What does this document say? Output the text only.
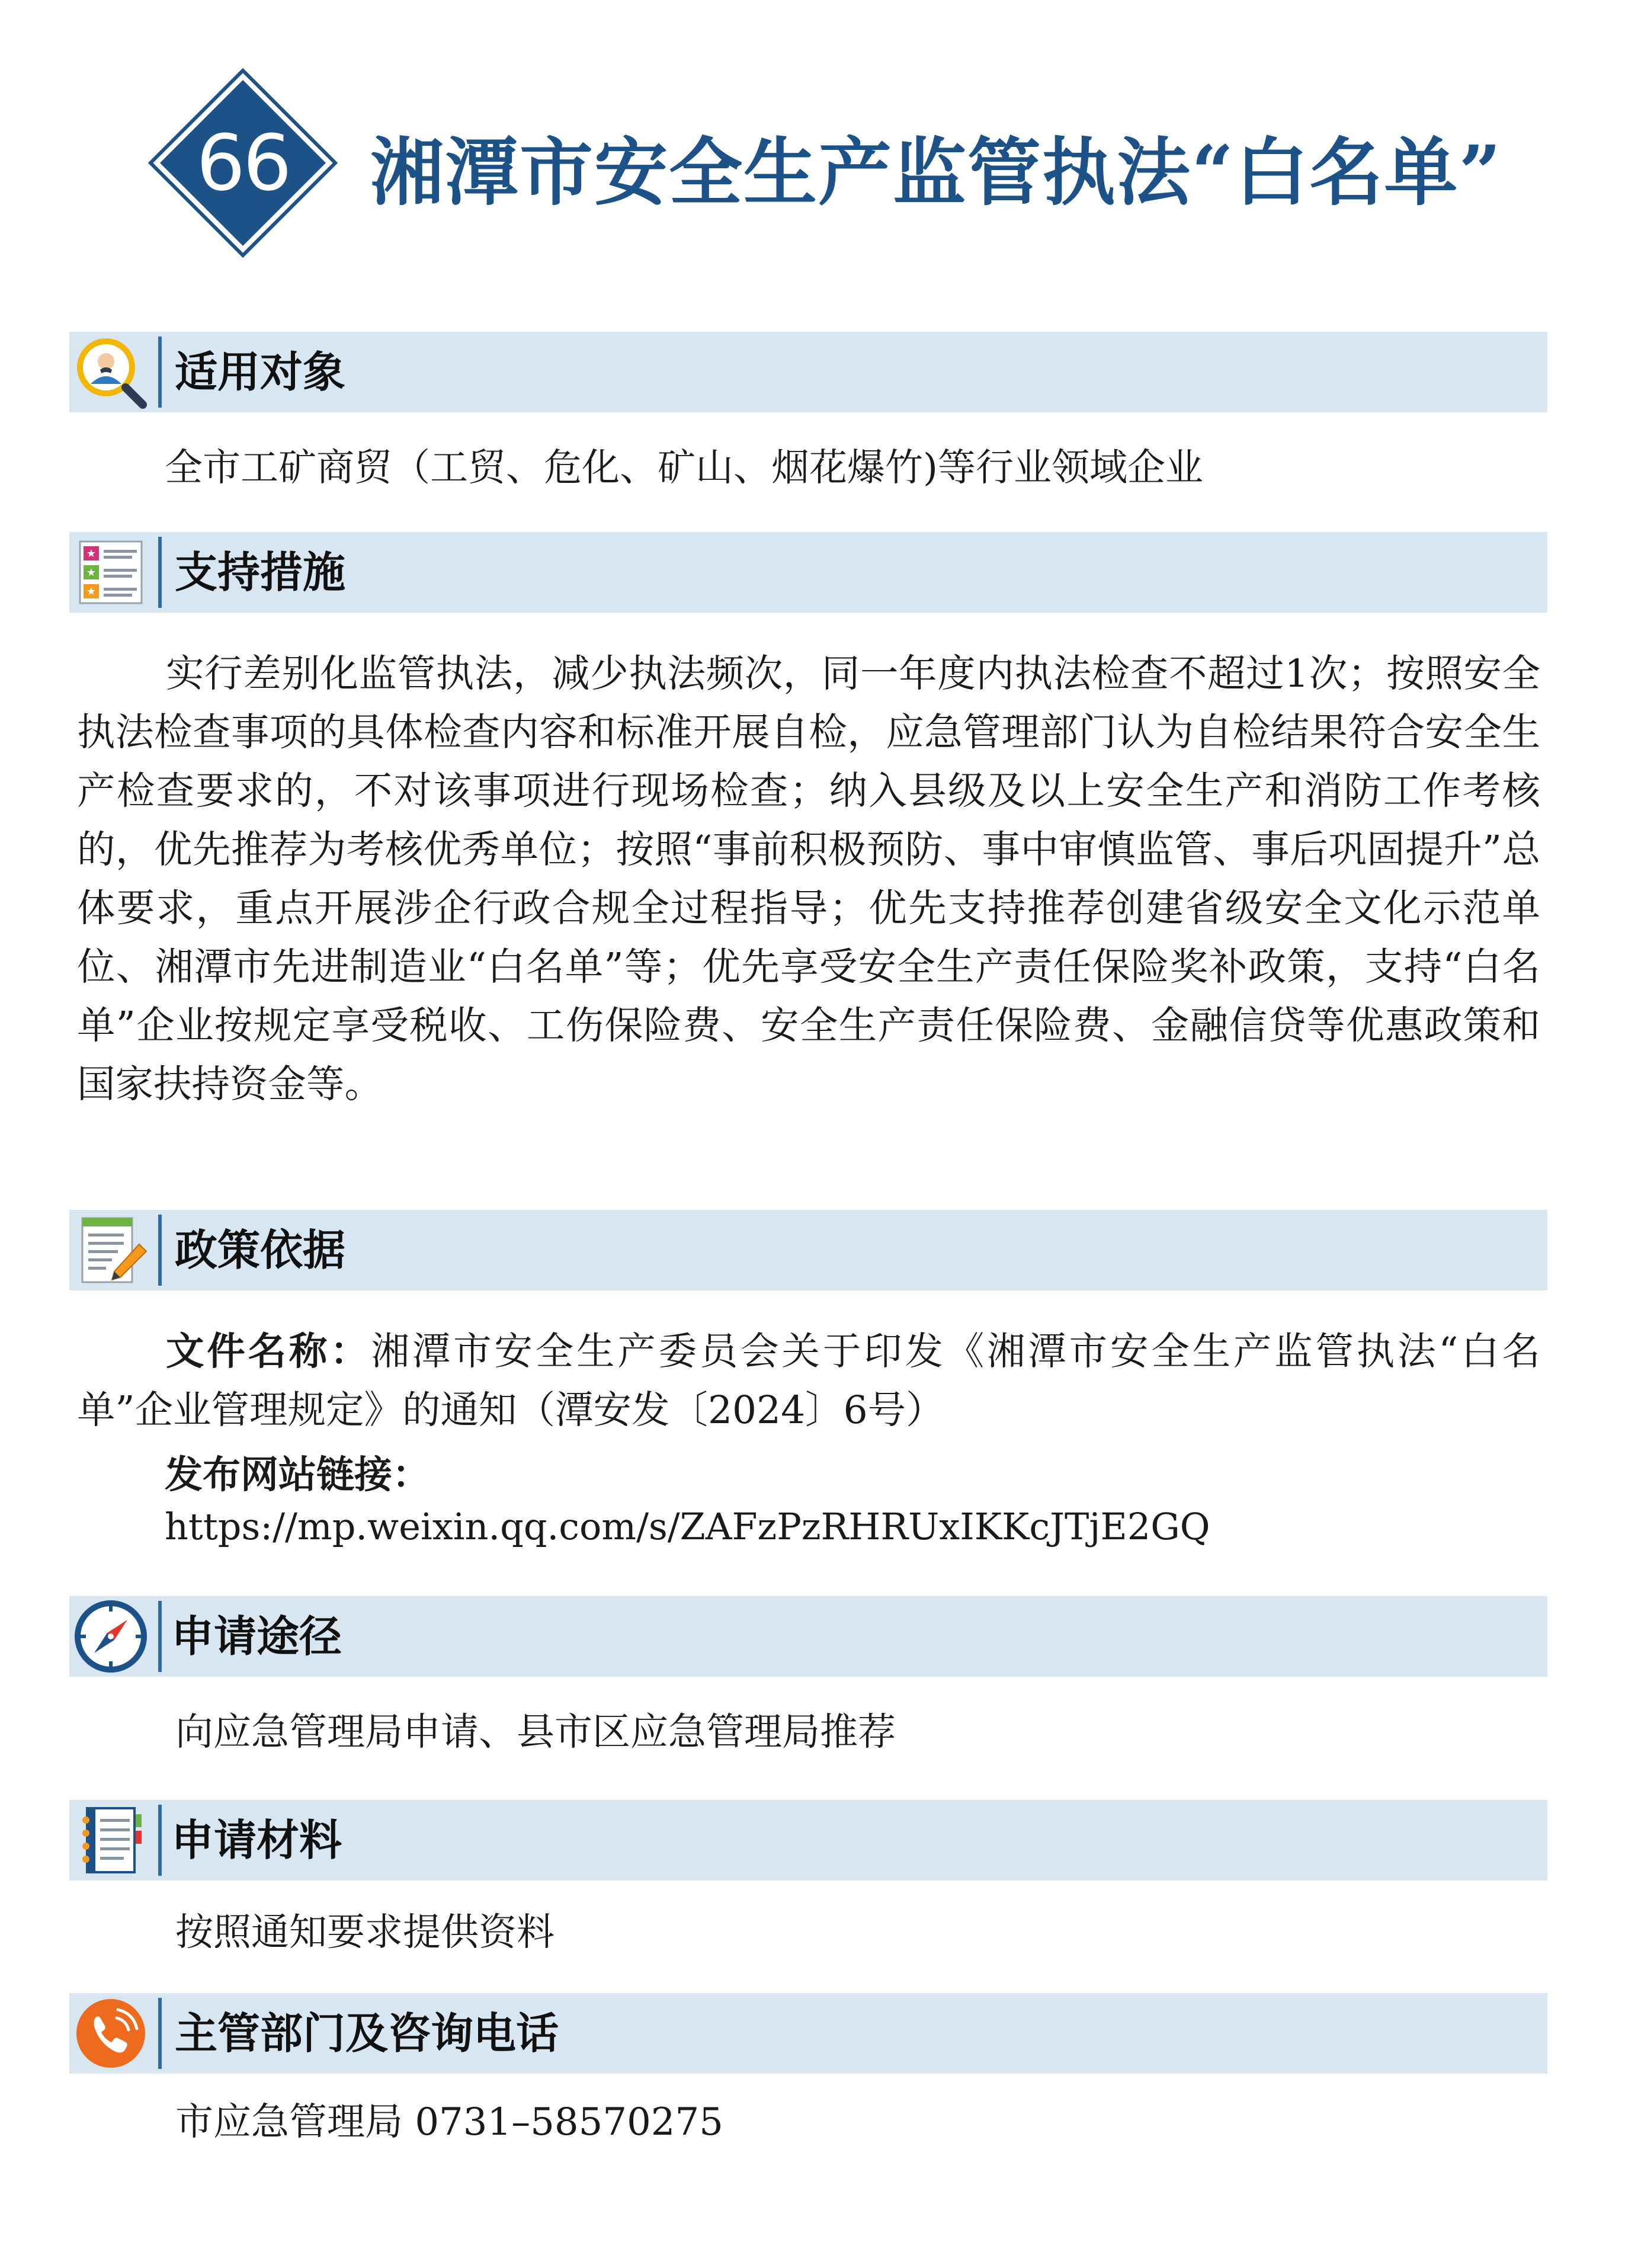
66	湘潭市安全生产监管执法“白名单”
适用对象
全市工矿商贸（工贸、危化、矿山、烟花爆竹)等行业领域企业
★
★
★ 支持措施
实行差别化监管执法，减少执法频次，同一年度内执法检查不超过1次；按照安全执法检查事项的具体检查内容和标准开展自检，应急管理部门认为自检结果符合安全生产检查要求的，不对该事项进行现场检查；纳入县级及以上安全生产和消防工作考核的，优先推荐为考核优秀单位；按照“事前积极预防、事中审慎监管、事后巩固提升”总体要求，重点开展涉企行政合规全过程指导；优先支持推荐创建省级安全文化示范单位、湘潭市先进制造业“白名单”等；优先享受安全生产责任保险奖补政策，支持“白名单”企业按规定享受税收、工伤保险费、安全生产责任保险费、金融信贷等优惠政策和国家扶持资金等。
政策依据
文件名称：湘潭市安全生产委员会关于印发《湘潭市安全生产监管执法“白名单”企业管理规定》的通知（潭安发〔2024〕6号）
发布网站链接：
https://mp.weixin.qq.com/s/ZAFzPzRHRUxIKKcJTjE2GQ
申请途径
向应急管理局申请、县市区应急管理局推荐
申请材料
按照通知要求提供资料
主管部门及咨询电话
市应急管理局 0731–58570275
